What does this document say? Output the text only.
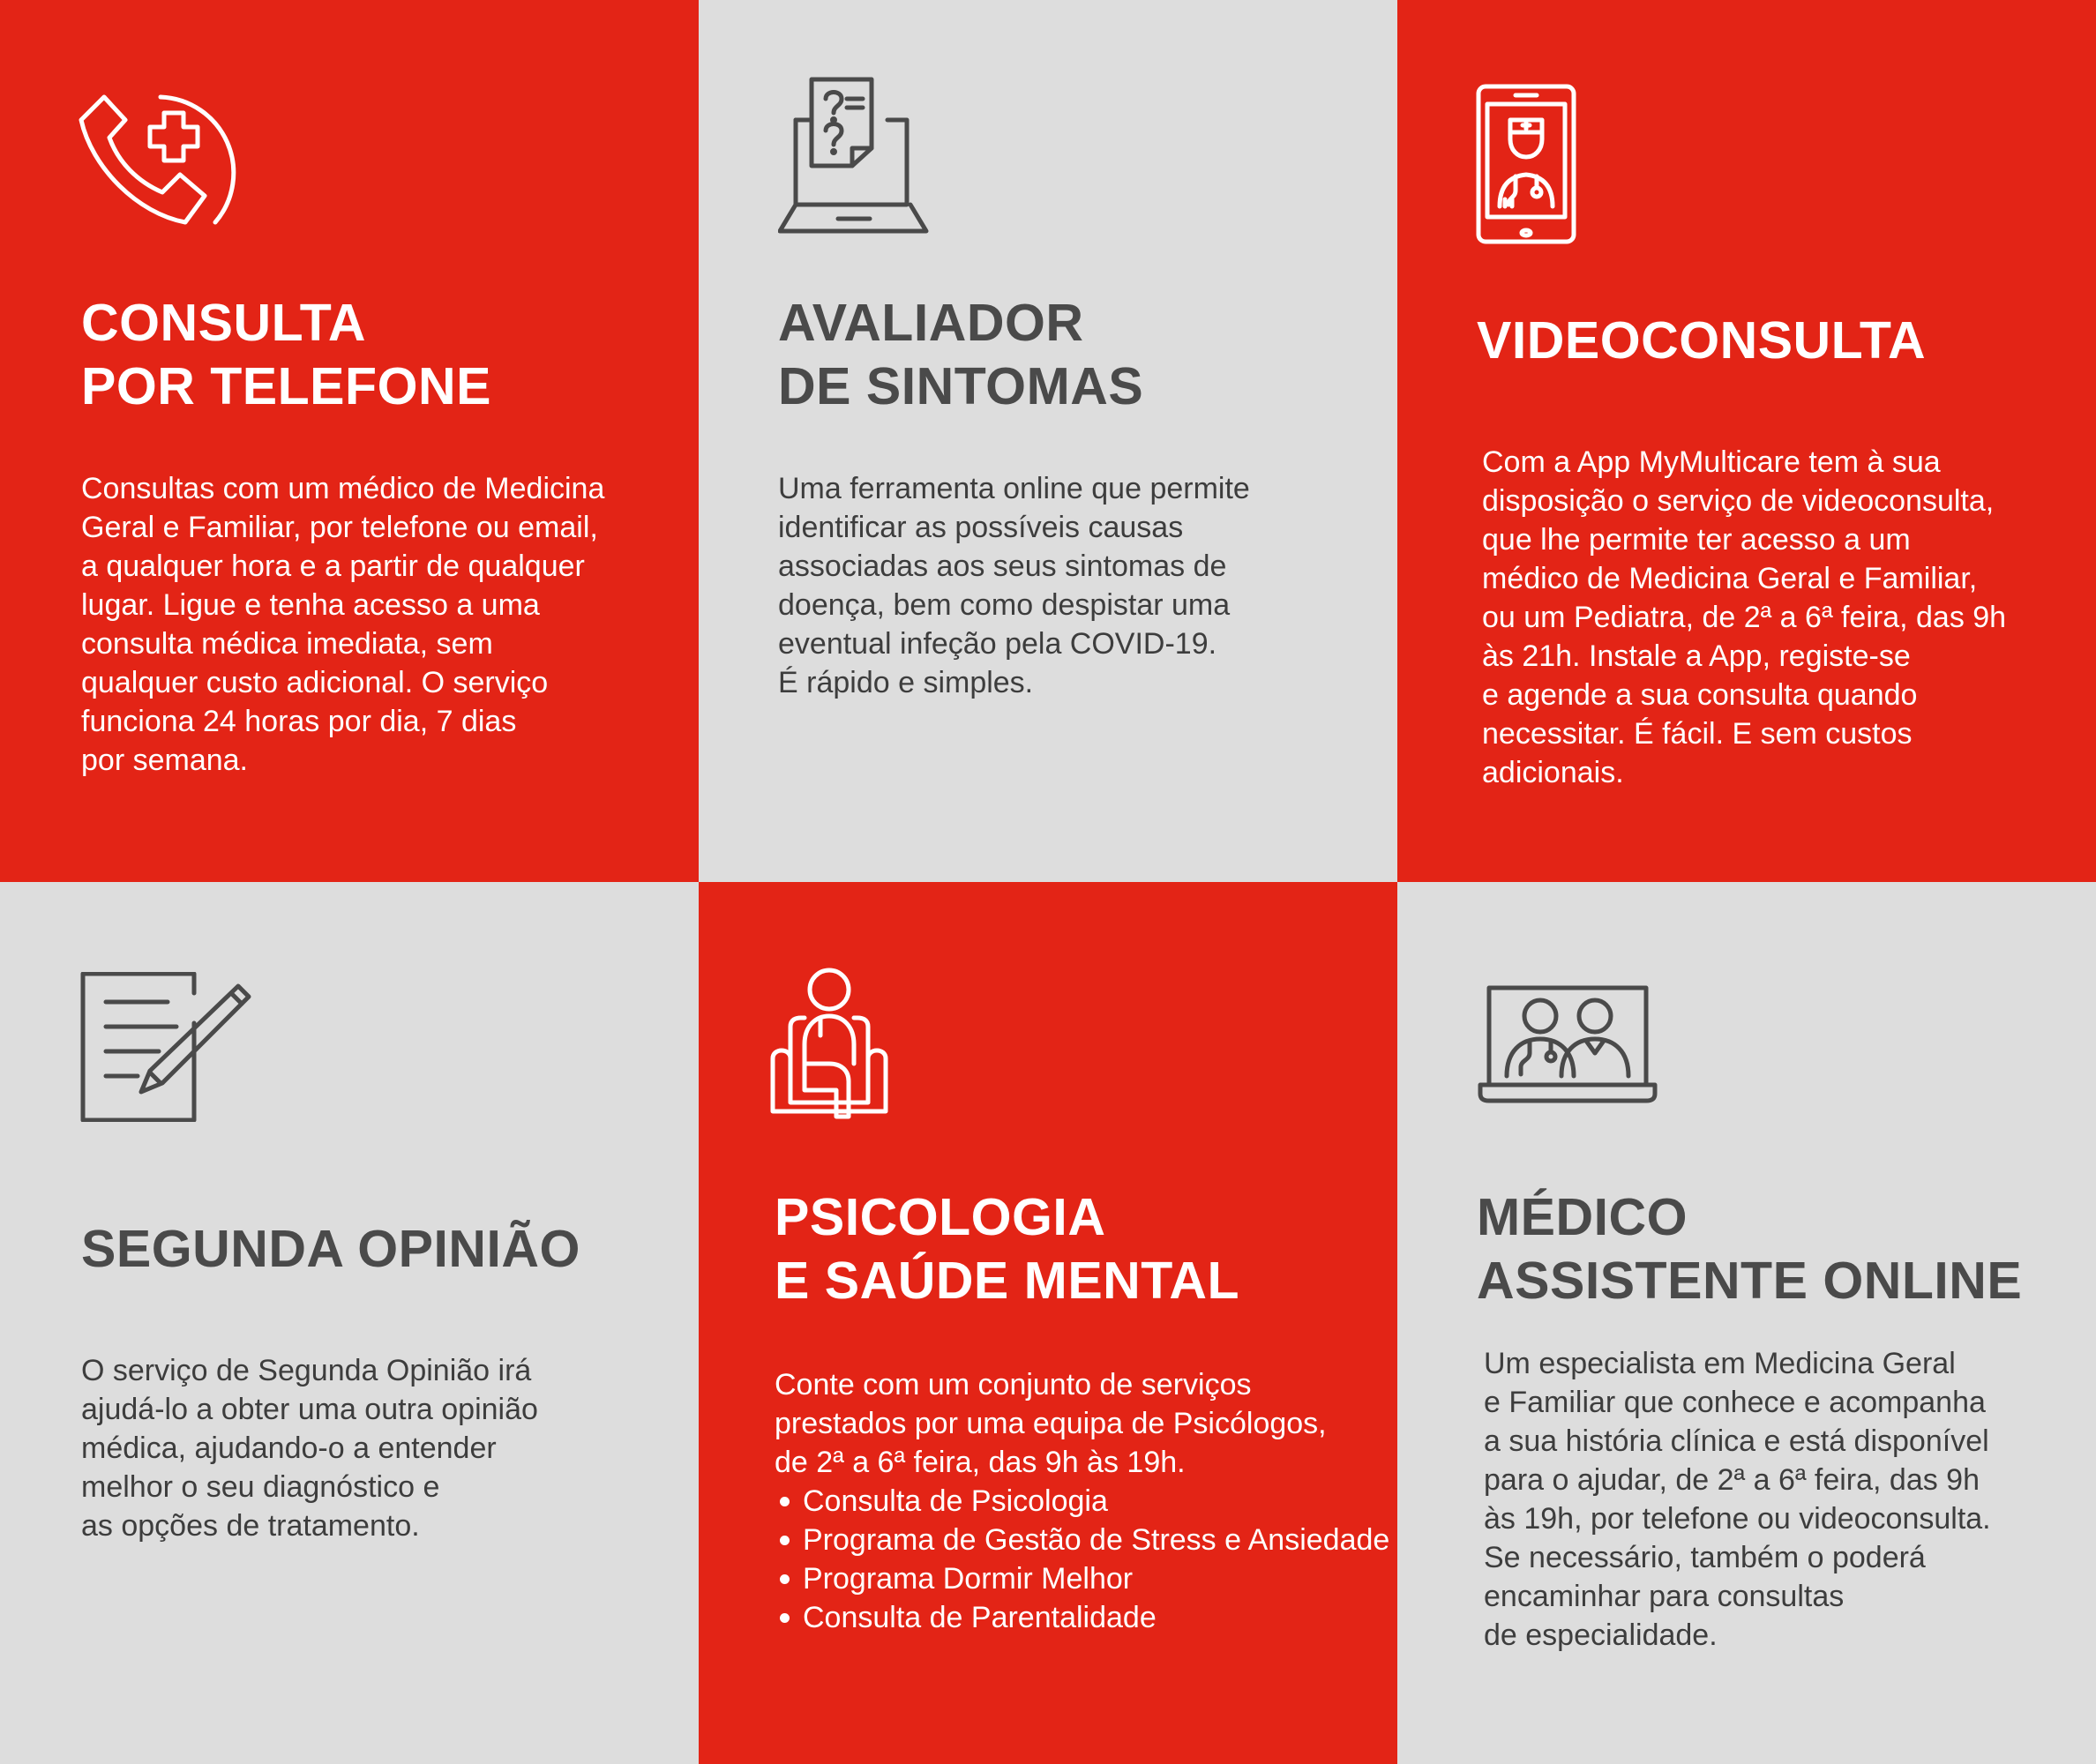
CONSULTA
POR TELEFONE
Consultas com um médico de Medicina
Geral e Familiar, por telefone ou email,
a qualquer hora e a partir de qualquer
lugar. Ligue e tenha acesso a uma
consulta médica imediata, sem
qualquer custo adicional. O serviço
funciona 24 horas por dia, 7 dias
por semana.
AVALIADOR
DE SINTOMAS
Uma ferramenta online que permite
identificar as possíveis causas
associadas aos seus sintomas de
doença, bem como despistar uma
eventual infeção pela COVID-19.
É rápido e simples.
VIDEOCONSULTA
Com a App MyMulticare tem à sua
disposição o serviço de videoconsulta,
que lhe permite ter acesso a um
médico de Medicina Geral e Familiar,
ou um Pediatra, de 2ª a 6ª feira, das 9h
às 21h. Instale a App, registe-se
e agende a sua consulta quando
necessitar. É fácil. E sem custos
adicionais.
SEGUNDA OPINIÃO
O serviço de Segunda Opinião irá
ajudá-lo a obter uma outra opinião
médica, ajudando-o a entender
melhor o seu diagnóstico e
as opções de tratamento.
PSICOLOGIA
E SAÚDE MENTAL
Conte com um conjunto de serviços
prestados por uma equipa de Psicólogos,
de 2ª a 6ª feira, das 9h às 19h.
Consulta de Psicologia
Programa de Gestão de Stress e Ansiedade
Programa Dormir Melhor
Consulta de Parentalidade
MÉDICO
ASSISTENTE ONLINE
Um especialista em Medicina Geral
e Familiar que conhece e acompanha
a sua história clínica e está disponível
para o ajudar, de 2ª a 6ª feira, das 9h
às 19h, por telefone ou videoconsulta.
Se necessário, também o poderá
encaminhar para consultas
de especialidade.
